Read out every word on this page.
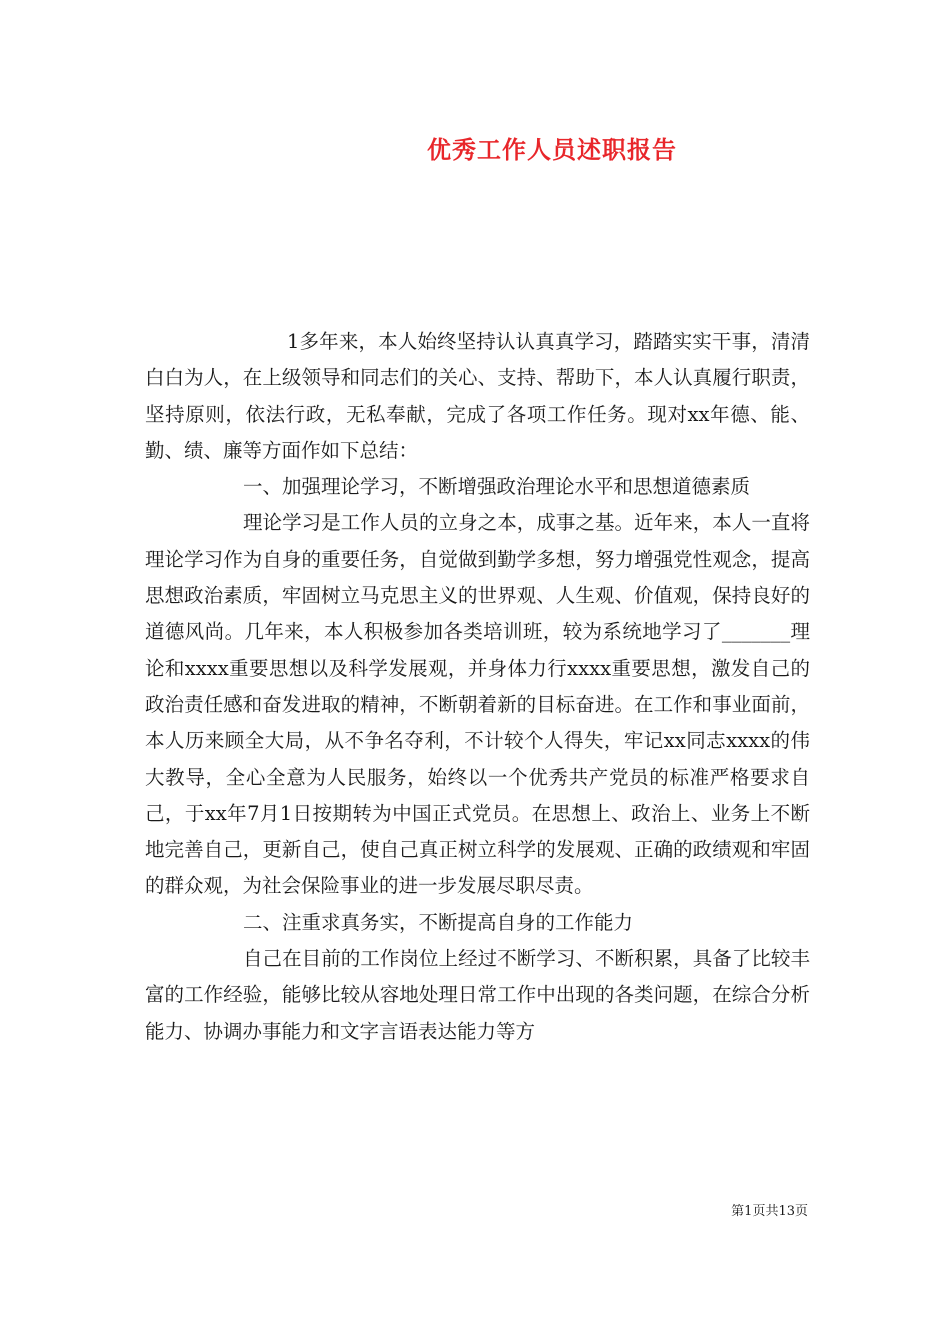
优秀工作人员述职报告

1多年来，本人始终坚持认认真真学习，踏踏实实干事，清清白白为人，在上级领导和同志们的关心、支持、帮助下，本人认真履行职责，坚持原则，依法行政，无私奉献，完成了各项工作任务。现对xx年德、能、勤、绩、廉等方面作如下总结：

一、加强理论学习，不断增强政治理论水平和思想道德素质

理论学习是工作人员的立身之本，成事之基。近年来，本人一直将理论学习作为自身的重要任务，自觉做到勤学多想，努力增强党性观念，提高思想政治素质，牢固树立马克思主义的世界观、人生观、价值观，保持良好的道德风尚。几年来，本人积极参加各类培训班，较为系统地学习了_______理论和xxxx重要思想以及科学发展观，并身体力行xxxx重要思想，激发自己的政治责任感和奋发进取的精神，不断朝着新的目标奋进。在工作和事业面前，本人历来顾全大局，从不争名夺利，不计较个人得失，牢记xx同志xxxx的伟大教导，全心全意为人民服务，始终以一个优秀共产党员的标准严格要求自己，于xx年7月1日按期转为中国正式党员。在思想上、政治上、业务上不断地完善自己，更新自己，使自己真正树立科学的发展观、正确的政绩观和牢固的群众观，为社会保险事业的进一步发展尽职尽责。

二、注重求真务实，不断提高自身的工作能力

自己在目前的工作岗位上经过不断学习、不断积累，具备了比较丰富的工作经验，能够比较从容地处理日常工作中出现的各类问题，在综合分析能力、协调办事能力和文字言语表达能力等方

第1页共13页
